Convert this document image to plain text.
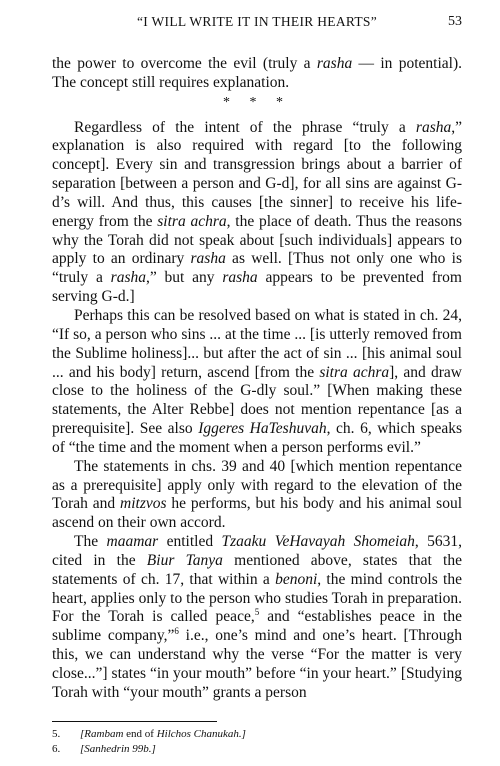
“I WILL WRITE IT IN THEIR HEARTS”	53

the power to overcome the evil (truly a rasha — in potential). The concept still requires explanation.

* * *

Regardless of the intent of the phrase “truly a rasha,” explanation is also required with regard [to the following concept]. Every sin and transgression brings about a barrier of separation [between a person and G-d], for all sins are against G-d’s will. And thus, this causes [the sinner] to receive his life-energy from the sitra achra, the place of death. Thus the reasons why the Torah did not speak about [such individuals] appears to apply to an ordinary rasha as well. [Thus not only one who is “truly a rasha,” but any rasha appears to be prevented from serving G-d.]

Perhaps this can be resolved based on what is stated in ch. 24, “If so, a person who sins ... at the time ... [is utterly removed from the Sublime holiness]... but after the act of sin ... [his animal soul ... and his body] return, ascend [from the sitra achra], and draw close to the holiness of the G-dly soul.” [When making these statements, the Alter Rebbe] does not mention repentance [as a prerequisite]. See also Iggeres HaTeshuvah, ch. 6, which speaks of “the time and the moment when a person performs evil.”

The statements in chs. 39 and 40 [which mention repentance as a prerequisite] apply only with regard to the elevation of the Torah and mitzvos he performs, but his body and his animal soul ascend on their own accord.

The maamar entitled Tzaaku VeHavayah Shomeiah, 5631, cited in the Biur Tanya mentioned above, states that the statements of ch. 17, that within a benoni, the mind controls the heart, applies only to the person who studies Torah in preparation. For the Torah is called peace,$^5$ and “establishes peace in the sublime company,”$^6$ i.e., one’s mind and one’s heart. [Through this, we can understand why the verse “For the matter is very close...”] states “in your mouth” before “in your heart.” [Studying Torah with “your mouth” grants a person

5.	[Rambam end of Hilchos Chanukah.]
6.	[Sanhedrin 99b.]
